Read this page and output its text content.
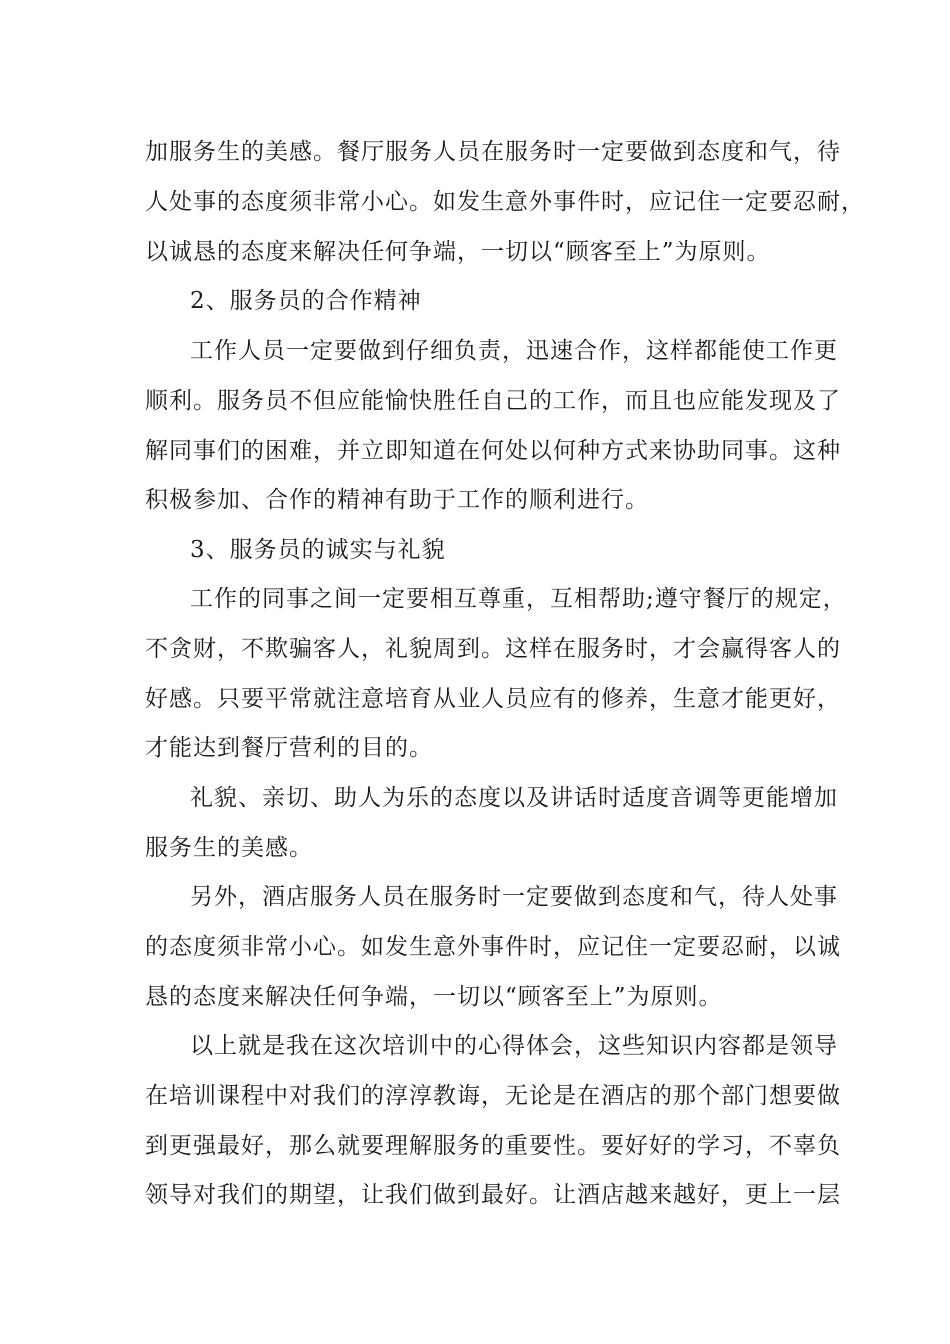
加服务生的美感。餐厅服务人员在服务时一定要做到态度和气，待
人处事的态度须非常小心。如发生意外事件时，应记住一定要忍耐，
以诚恳的态度来解决任何争端，一切以“顾客至上”为原则。
2、服务员的合作精神
工作人员一定要做到仔细负责，迅速合作，这样都能使工作更
顺利。服务员不但应能愉快胜任自己的工作，而且也应能发现及了
解同事们的困难，并立即知道在何处以何种方式来协助同事。这种
积极参加、合作的精神有助于工作的顺利进行。
3、服务员的诚实与礼貌
工作的同事之间一定要相互尊重，互相帮助;遵守餐厅的规定，
不贪财，不欺骗客人，礼貌周到。这样在服务时，才会赢得客人的
好感。只要平常就注意培育从业人员应有的修养，生意才能更好，
才能达到餐厅营利的目的。
礼貌、亲切、助人为乐的态度以及讲话时适度音调等更能增加
服务生的美感。
另外，酒店服务人员在服务时一定要做到态度和气，待人处事
的态度须非常小心。如发生意外事件时，应记住一定要忍耐，以诚
恳的态度来解决任何争端，一切以“顾客至上”为原则。
以上就是我在这次培训中的心得体会，这些知识内容都是领导
在培训课程中对我们的淳淳教诲，无论是在酒店的那个部门想要做
到更强最好，那么就要理解服务的重要性。要好好的学习，不辜负
领导对我们的期望，让我们做到最好。让酒店越来越好，更上一层
